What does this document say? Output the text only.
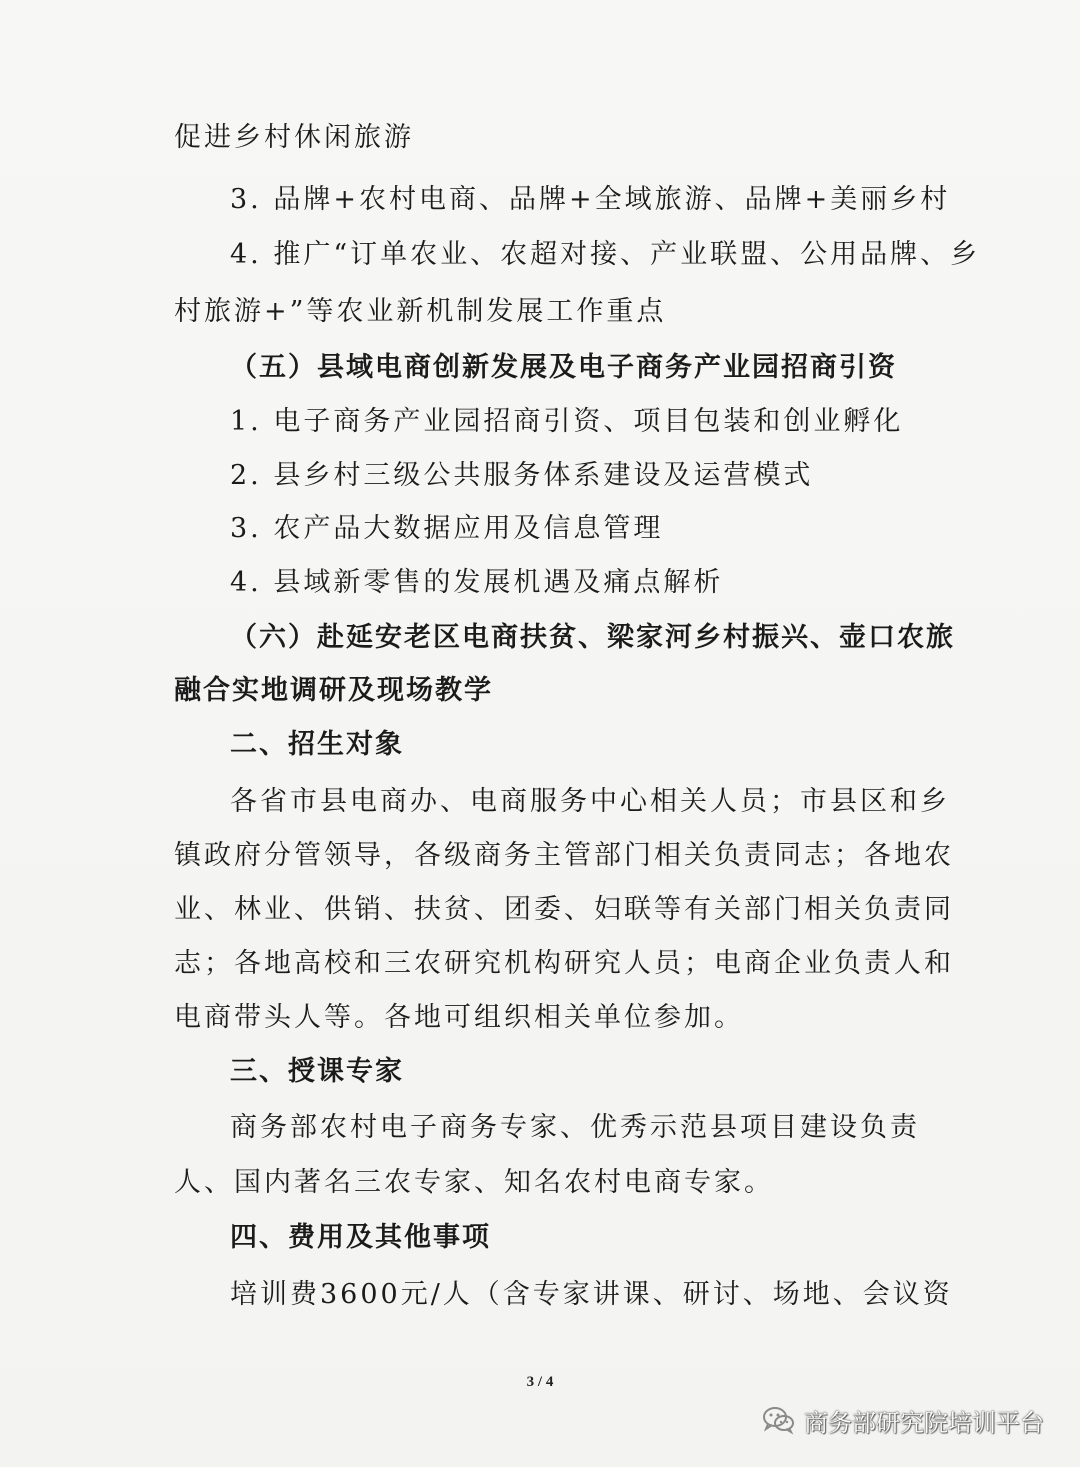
促进乡村休闲旅游
3. 品牌+农村电商、品牌+全域旅游、品牌+美丽乡村
4. 推广“订单农业、农超对接、产业联盟、公用品牌、乡
村旅游+”等农业新机制发展工作重点
（五）县域电商创新发展及电子商务产业园招商引资
1. 电子商务产业园招商引资、项目包装和创业孵化
2. 县乡村三级公共服务体系建设及运营模式
3. 农产品大数据应用及信息管理
4. 县域新零售的发展机遇及痛点解析
（六）赴延安老区电商扶贫、梁家河乡村振兴、壶口农旅
融合实地调研及现场教学
二、招生对象
各省市县电商办、电商服务中心相关人员；市县区和乡
镇政府分管领导，各级商务主管部门相关负责同志；各地农
业、林业、供销、扶贫、团委、妇联等有关部门相关负责同
志；各地高校和三农研究机构研究人员；电商企业负责人和
电商带头人等。各地可组织相关单位参加。
三、授课专家
商务部农村电子商务专家、优秀示范县项目建设负责
人、国内著名三农专家、知名农村电商专家。
四、费用及其他事项
培训费3600元/人（含专家讲课、研讨、场地、会议资
3 / 4
商务部研究院培训平台
